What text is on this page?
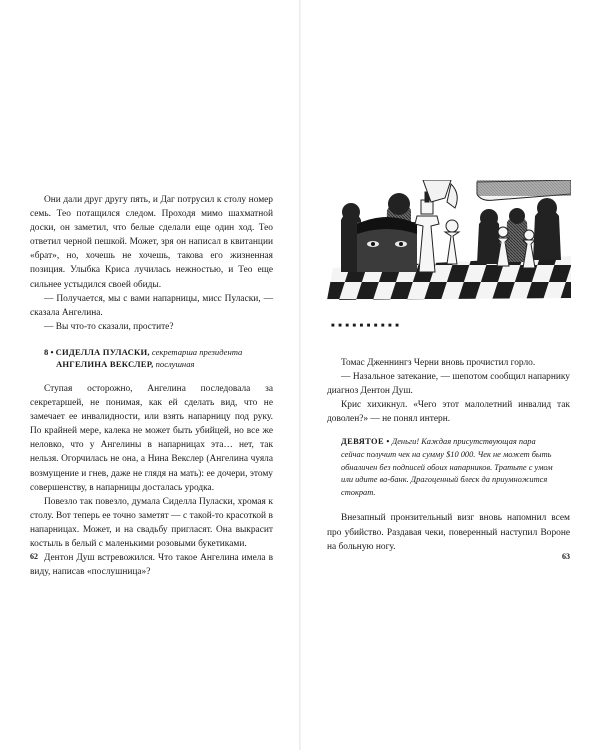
Они дали друг другу пять, и Даг потрусил к столу номер семь. Тео потащился следом. Проходя мимо шахматной доски, он заметил, что белые сделали еще один ход. Тео ответил черной пешкой. Может, зря он написал в квитанции «брат», но, хочешь не хочешь, такова его жизненная позиция. Улыбка Криса лучилась нежностью, и Тео еще сильнее устыдился своей обиды.

— Получается, мы с вами напарницы, мисс Пуласки, — сказала Ангелина.

— Вы что-то сказали, простите?

8 • СИДЕЛЛА ПУЛАСКИ, секретарша президента
АНГЕЛИНА ВЕКСЛЕР, послушная

Ступая осторожно, Ангелина последовала за секретаршей, не понимая, как ей сделать вид, что не замечает ее инвалидности, или взять напарницу под руку. По крайней мере, калека не может быть убийцей, но все же неловко, что у Ангелины в напарницах эта… нет, так нельзя. Огорчилась не она, а Нина Векслер (Ангелина чуяла возмущение и гнев, даже не глядя на мать): ее дочери, этому совершенству, в напарницы досталась уродка.

Повезло так повезло, думала Сиделла Пуласки, хромая к столу. Вот теперь ее точно заметят — с такой-то красоткой в напарницах. Может, и на свадьбу пригласят. Она выкрасит костыль в белый с маленькими розовыми букетиками.

Дентон Душ встревожился. Что такое Ангелина имела в виду, написав «послушница»?

62
■ ■ ■ ■ ■ ■ ■ ■ ■ ■

Томас Дженнингз Черни вновь прочистил горло.

— Назальное затекание, — шепотом сообщил напарнику диагноз Дентон Душ.

Крис хихикнул. «Чего этот малолетний инвалид так доволен?» — не понял интерн.

ДЕВЯТОЕ • Деньги! Каждая присутствующая пара сейчас получит чек на сумму $10 000. Чек не может быть обналичен без подписей обоих напарников. Тратьте с умом или идите ва-банк. Драгоценный блеск да приумножится стократ.

Внезапный пронзительный визг вновь напомнил всем про убийство. Раздавая чеки, поверенный наступил Вороне на больную ногу.

63
